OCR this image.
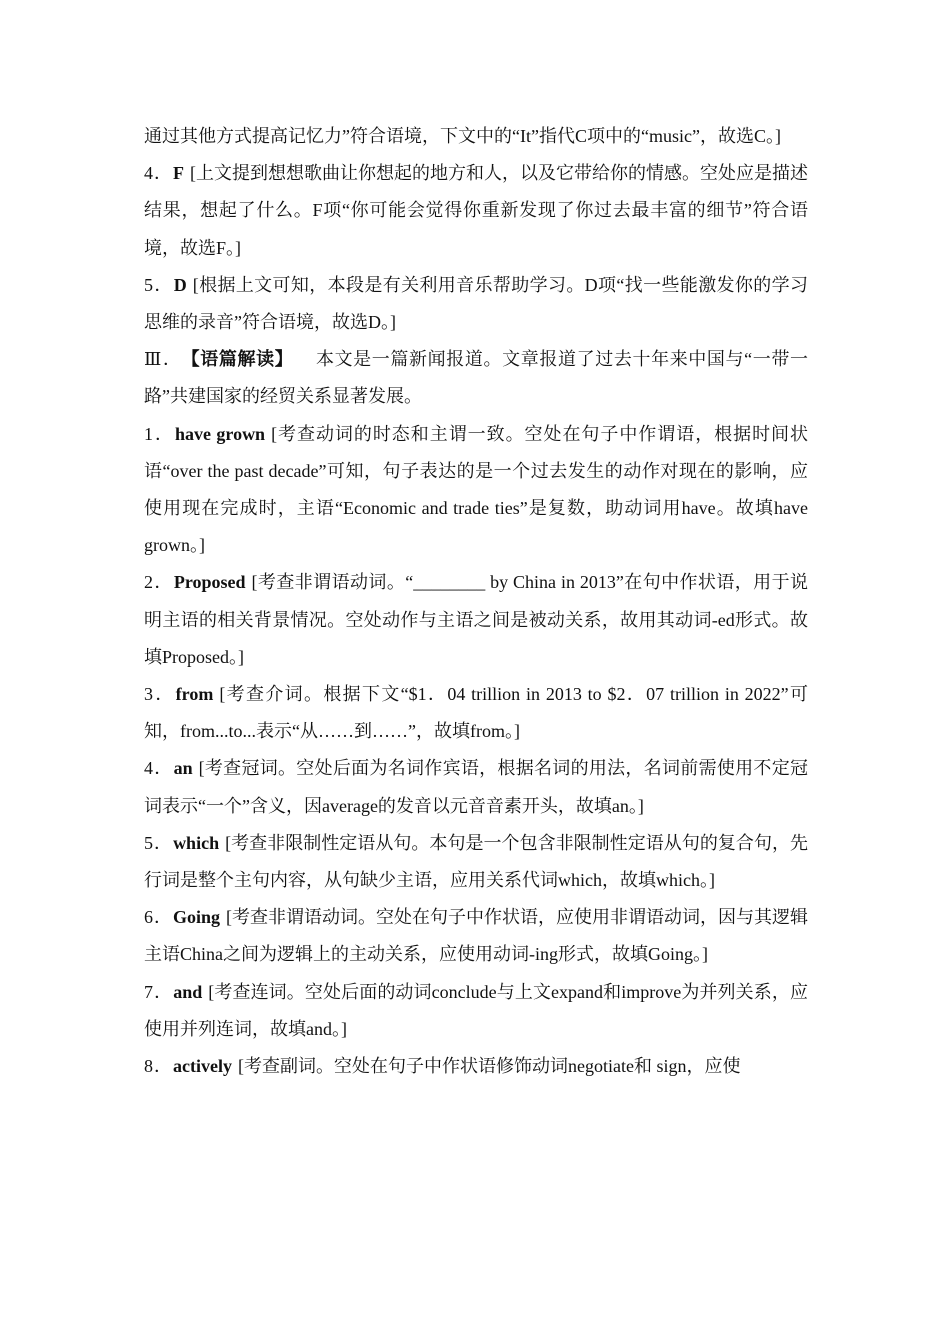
通过其他方式提高记忆力”符合语境，下文中的“It”指代C项中的“music”，故选C。]

4．F [上文提到想想歌曲让你想起的地方和人，以及它带给你的情感。空处应是描述结果，想起了什么。F项“你可能会觉得你重新发现了你过去最丰富的细节”符合语境，故选F。]

5．D [根据上文可知，本段是有关利用音乐帮助学习。D项“找一些能激发你的学习思维的录音”符合语境，故选D。]

Ⅲ． 【语篇解读】 本文是一篇新闻报道。文章报道了过去十年来中国与“一带一路”共建国家的经贸关系显著发展。

1．have grown [考查动词的时态和主谓一致。空处在句子中作谓语，根据时间状语“over the past decade”可知，句子表达的是一个过去发生的动作对现在的影响，应使用现在完成时，主语“Economic and trade ties”是复数，助动词用have。故填have grown。]

2．Proposed [考查非谓语动词。“________ by China in 2013”在句中作状语，用于说明主语的相关背景情况。空处动作与主语之间是被动关系，故用其动词-ed形式。故填Proposed。]

3．from [考查介词。根据下文“$1．04 trillion in 2013 to $2．07 trillion in 2022”可知，from...to...表示“从……到……”，故填from。]

4．an [考查冠词。空处后面为名词作宾语，根据名词的用法，名词前需使用不定冠词表示“一个”含义，因average的发音以元音音素开头，故填an。]

5．which [考查非限制性定语从句。本句是一个包含非限制性定语从句的复合句，先行词是整个主句内容，从句缺少主语，应用关系代词which，故填which。]

6．Going [考查非谓语动词。空处在句子中作状语，应使用非谓语动词，因与其逻辑主语China之间为逻辑上的主动关系，应使用动词-ing形式，故填Going。]

7．and [考查连词。空处后面的动词conclude与上文expand和improve为并列关系，应使用并列连词，故填and。]

8．actively [考查副词。空处在句子中作状语修饰动词negotiate和 sign，应使
